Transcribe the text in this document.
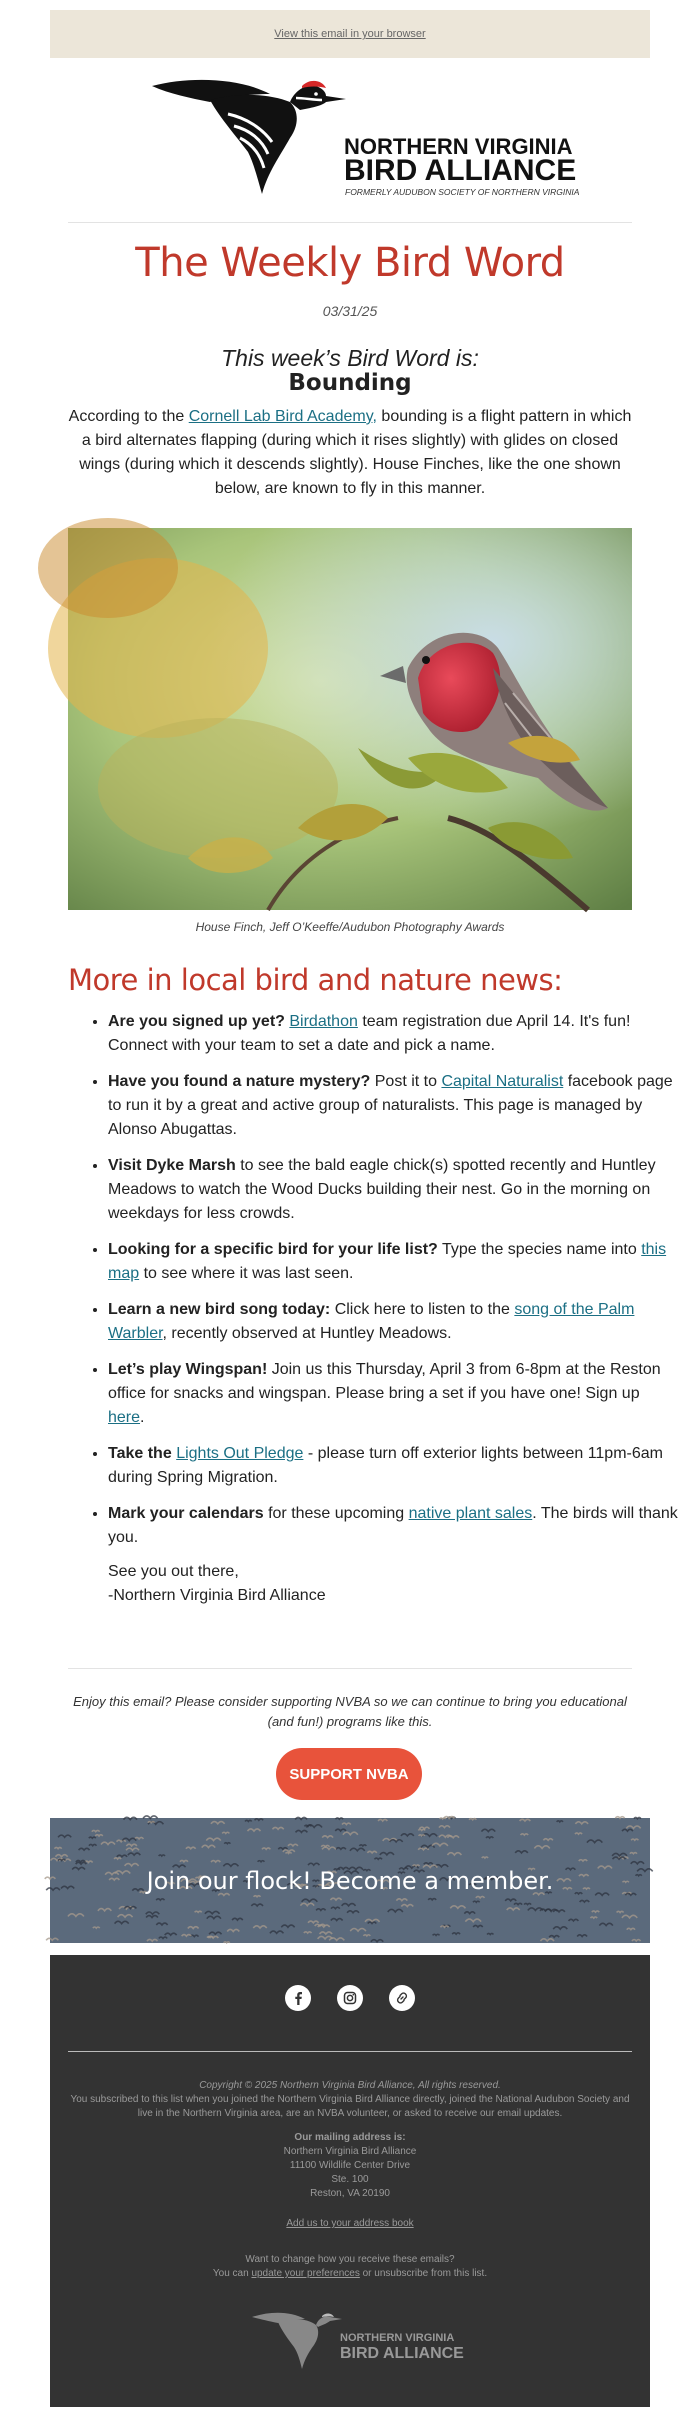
View this email in your browser
NORTHERN VIRGINIA
BIRD ALLIANCE
FORMERLY AUDUBON SOCIETY OF NORTHERN VIRGINIA
The Weekly Bird Word
03/31/25
This week’s Bird Word is:
Bounding
According to the Cornell Lab Bird Academy, bounding is a flight pattern in which a bird alternates flapping (during which it rises slightly) with glides on closed wings (during which it descends slightly). House Finches, like the one shown below, are known to fly in this manner.
House Finch, Jeff O’Keeffe/Audubon Photography Awards
More in local bird and nature news:
• Are you signed up yet? Birdathon team registration due April 14. It's fun! Connect with your team to set a date and pick a name.
• Have you found a nature mystery? Post it to Capital Naturalist facebook page to run it by a great and active group of naturalists. This page is managed by Alonso Abugattas.
• Visit Dyke Marsh to see the bald eagle chick(s) spotted recently and Huntley Meadows to watch the Wood Ducks building their nest. Go in the morning on weekdays for less crowds.
• Looking for a specific bird for your life list? Type the species name into this map to see where it was last seen.
• Learn a new bird song today: Click here to listen to the song of the Palm Warbler, recently observed at Huntley Meadows.
• Let’s play Wingspan! Join us this Thursday, April 3 from 6-8pm at the Reston office for snacks and wingspan. Please bring a set if you have one! Sign up here.
• Take the Lights Out Pledge - please turn off exterior lights between 11pm-6am during Spring Migration.
• Mark your calendars for these upcoming native plant sales. The birds will thank you.
See you out there,
-Northern Virginia Bird Alliance
Enjoy this email? Please consider supporting NVBA so we can continue to bring you educational (and fun!) programs like this.
SUPPORT NVBA
Join our flock! Become a member.
Copyright © 2025 Northern Virginia Bird Alliance, All rights reserved.
You subscribed to this list when you joined the Northern Virginia Bird Alliance directly, joined the National Audubon Society and live in the Northern Virginia area, are an NVBA volunteer, or asked to receive our email updates.
Our mailing address is:
Northern Virginia Bird Alliance
11100 Wildlife Center Drive
Ste. 100
Reston, VA 20190
Add us to your address book
Want to change how you receive these emails?
You can update your preferences or unsubscribe from this list.
NORTHERN VIRGINIA
BIRD ALLIANCE
